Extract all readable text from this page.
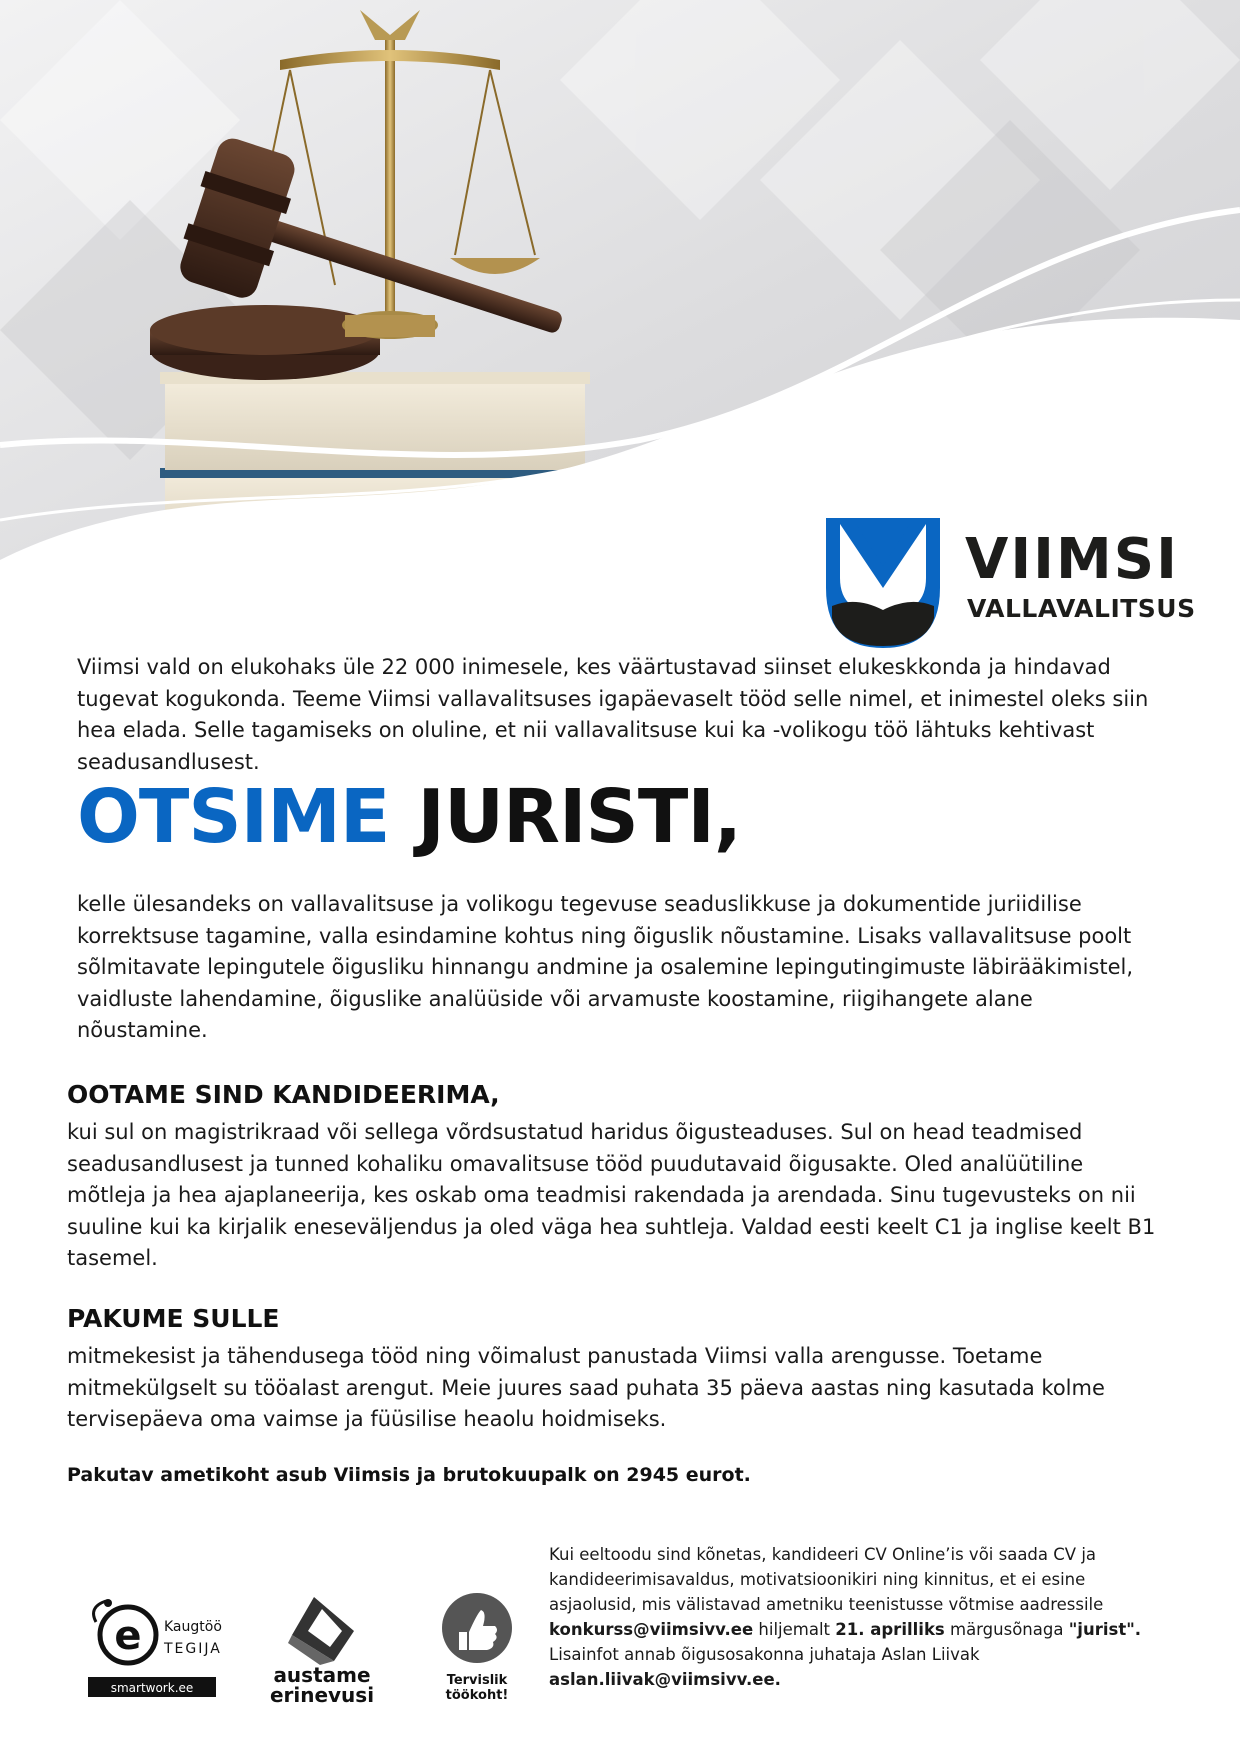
VIIMSI
VALLAVALITSUS

Viimsi vald on elukohaks üle 22 000 inimesele, kes väärtustavad siinset elukeskkonda ja hindavad tugevat kogukonda. Teeme Viimsi vallavalitsuses igapäevaselt tööd selle nimel, et inimestel oleks siin hea elada. Selle tagamiseks on oluline, et nii vallavalitsuse kui ka -volikogu töö lähtuks kehtivast seadusandlusest.

OTSIME JURISTI,

kelle ülesandeks on vallavalitsuse ja volikogu tegevuse seaduslikkuse ja dokumentide juriidilise korrektsuse tagamine, valla esindamine kohtus ning õiguslik nõustamine. Lisaks vallavalitsuse poolt sõlmitavate lepingutele õigusliku hinnangu andmine ja osalemine lepingutingimuste läbirääkimistel, vaidluste lahendamine, õiguslike analüüside või arvamuste koostamine, riigihangete alane nõustamine.

OOTAME SIND KANDIDEERIMA,

kui sul on magistrikraad või sellega võrdsustatud haridus õigusteaduses. Sul on head teadmised seadusandlusest ja tunned kohaliku omavalitsuse tööd puudutavaid õigusakte. Oled analüütiline mõtleja ja hea ajaplaneerija, kes oskab oma teadmisi rakendada ja arendada. Sinu tugevusteks on nii suuline kui ka kirjalik eneseväljendus ja oled väga hea suhtleja. Valdad eesti keelt C1 ja inglise keelt B1 tasemel.

PAKUME SULLE

mitmekesist ja tähendusega tööd ning võimalust panustada Viimsi valla arengusse. Toetame mitmekülgselt su tööalast arengut. Meie juures saad puhata 35 päeva aastas ning kasutada kolme tervisepäeva oma vaimse ja füüsilise heaolu hoidmiseks.

Pakutav ametikoht asub Viimsis ja brutokuupalk on 2945 eurot.

Kui eeltoodu sind kõnetas, kandideeri CV Online’is või saada CV ja kandideerimisavaldus, motivatsioonikiri ning kinnitus, et ei esine asjaolusid, mis välistavad ametniku teenistusse võtmise aadressile konkurss@viimsivv.ee hiljemalt 21. aprilliks märgusõnaga "jurist". Lisainfot annab õigusosakonna juhataja Aslan Liivak aslan.liivak@viimsivv.ee.

e Kaugtöö
TEGIJA
smartwork.ee
austame
erinevusi
Tervislik
töökoht!
